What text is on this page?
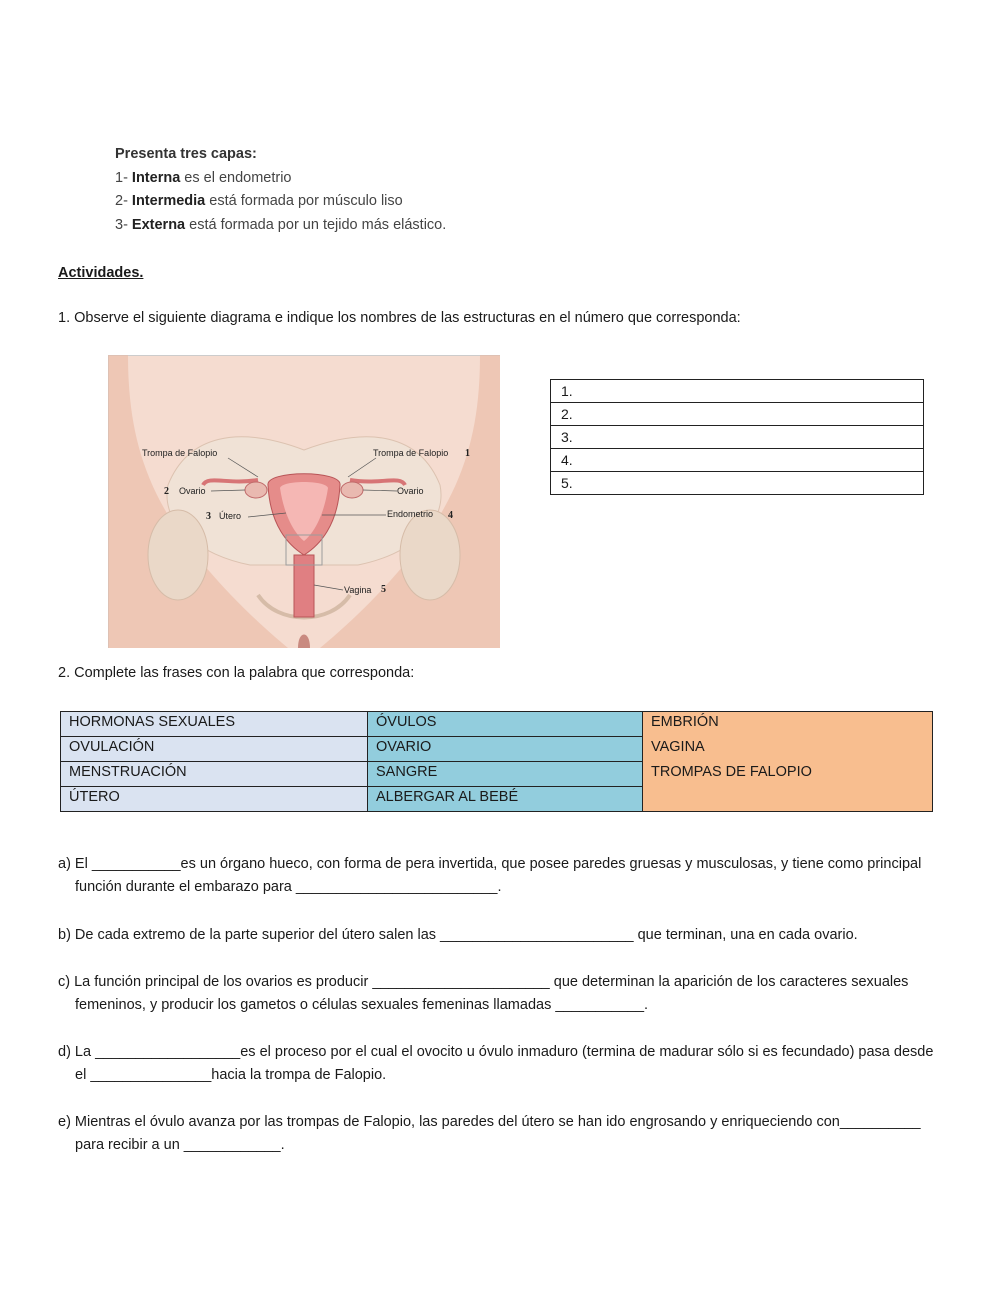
Presenta tres capas:
1- Interna es el endometrio
2- Intermedia está formada por músculo liso
3- Externa está formada por un tejido más elástico.
Actividades.
1. Observe el siguiente diagrama e indique los nombres de las estructuras en el número que corresponda:
Trompa de Falopio	Trompa de Falopio 1
2 Ovario	Ovario
3 Útero	Endometrio 4
Vagina 5
1.
2.
3.
4.
5.
2. Complete las frases con la palabra que corresponda:
HORMONAS SEXUALES	ÓVULOS	EMBRIÓN
OVULACIÓN	OVARIO	VAGINA
MENSTRUACIÓN	SANGRE	TROMPAS DE FALOPIO
ÚTERO	ALBERGAR AL BEBÉ	
a) El ___________es un órgano hueco, con forma de pera invertida, que posee paredes gruesas y musculosas, y tiene como principal
función durante el embarazo para _________________________.
b) De cada extremo de la parte superior del útero salen las ________________________ que terminan, una en cada ovario.
c) La función principal de los ovarios es producir ______________________ que determinan la aparición de los caracteres sexuales
femeninos, y producir los gametos o células sexuales femeninas llamadas ___________.
d) La __________________es el proceso por el cual el ovocito u óvulo inmaduro (termina de madurar sólo si es fecundado) pasa desde
el _______________hacia la trompa de Falopio.
e) Mientras el óvulo avanza por las trompas de Falopio, las paredes del útero se han ido engrosando y enriqueciendo con__________
para recibir a un ____________.
